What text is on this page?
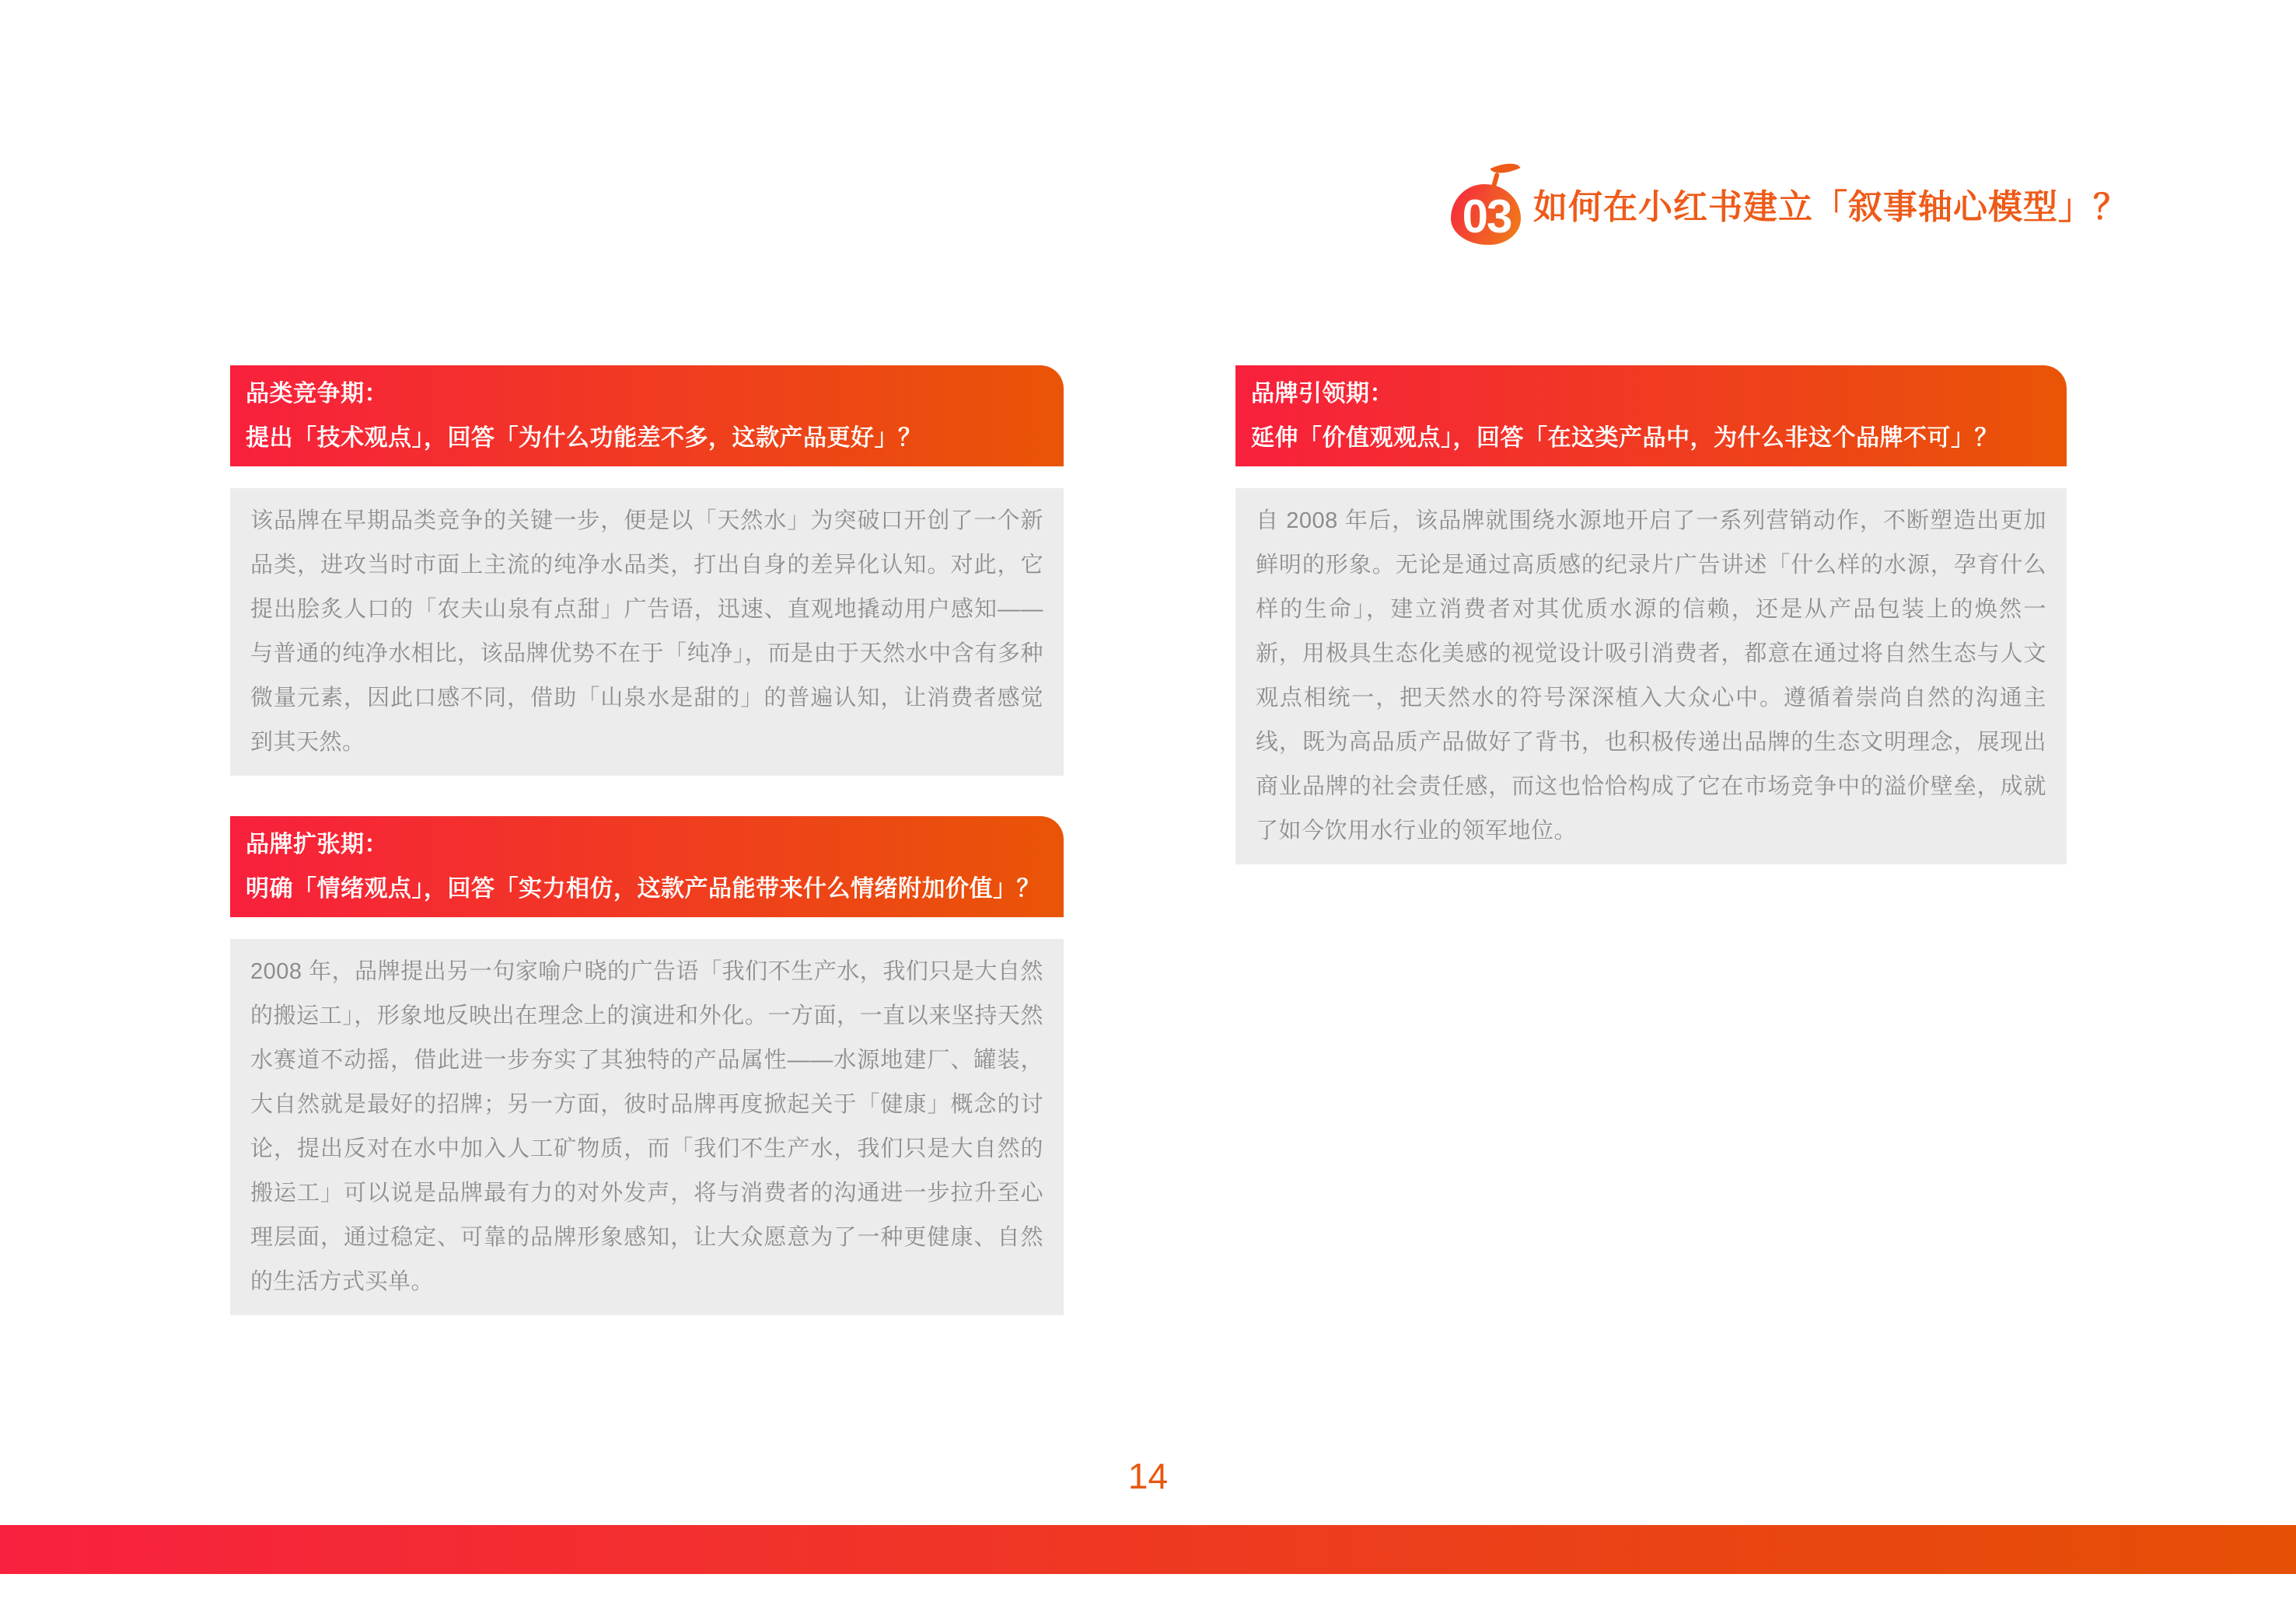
03 如何在小红书建立「叙事轴心模型」？
品类竞争期：
提出「技术观点」，回答「为什么功能差不多，这款产品更好」？
该品牌在早期品类竞争的关键一步，便是以「天然水」为突破口开创了一个新品类，进攻当时市面上主流的纯净水品类，打出自身的差异化认知。对此，它提出脍炙人口的「农夫山泉有点甜」广告语，迅速、直观地撬动用户感知——与普通的纯净水相比，该品牌优势不在于「纯净」，而是由于天然水中含有多种微量元素，因此口感不同，借助「山泉水是甜的」的普遍认知，让消费者感觉到其天然。
品牌扩张期：
明确「情绪观点」，回答「实力相仿，这款产品能带来什么情绪附加价值」？
2008 年，品牌提出另一句家喻户晓的广告语「我们不生产水，我们只是大自然的搬运工」，形象地反映出在理念上的演进和外化。一方面，一直以来坚持天然水赛道不动摇，借此进一步夯实了其独特的产品属性——水源地建厂、罐装，大自然就是最好的招牌；另一方面，彼时品牌再度掀起关于「健康」概念的讨论，提出反对在水中加入人工矿物质，而「我们不生产水，我们只是大自然的搬运工」可以说是品牌最有力的对外发声，将与消费者的沟通进一步拉升至心理层面，通过稳定、可靠的品牌形象感知，让大众愿意为了一种更健康、自然的生活方式买单。
品牌引领期：
延伸「价值观观点」，回答「在这类产品中，为什么非这个品牌不可」？
自 2008 年后，该品牌就围绕水源地开启了一系列营销动作，不断塑造出更加鲜明的形象。无论是通过高质感的纪录片广告讲述「什么样的水源，孕育什么样的生命」，建立消费者对其优质水源的信赖，还是从产品包装上的焕然一新，用极具生态化美感的视觉设计吸引消费者，都意在通过将自然生态与人文观点相统一，把天然水的符号深深植入大众心中。遵循着崇尚自然的沟通主线，既为高品质产品做好了背书，也积极传递出品牌的生态文明理念，展现出商业品牌的社会责任感，而这也恰恰构成了它在市场竞争中的溢价壁垒，成就了如今饮用水行业的领军地位。
14
